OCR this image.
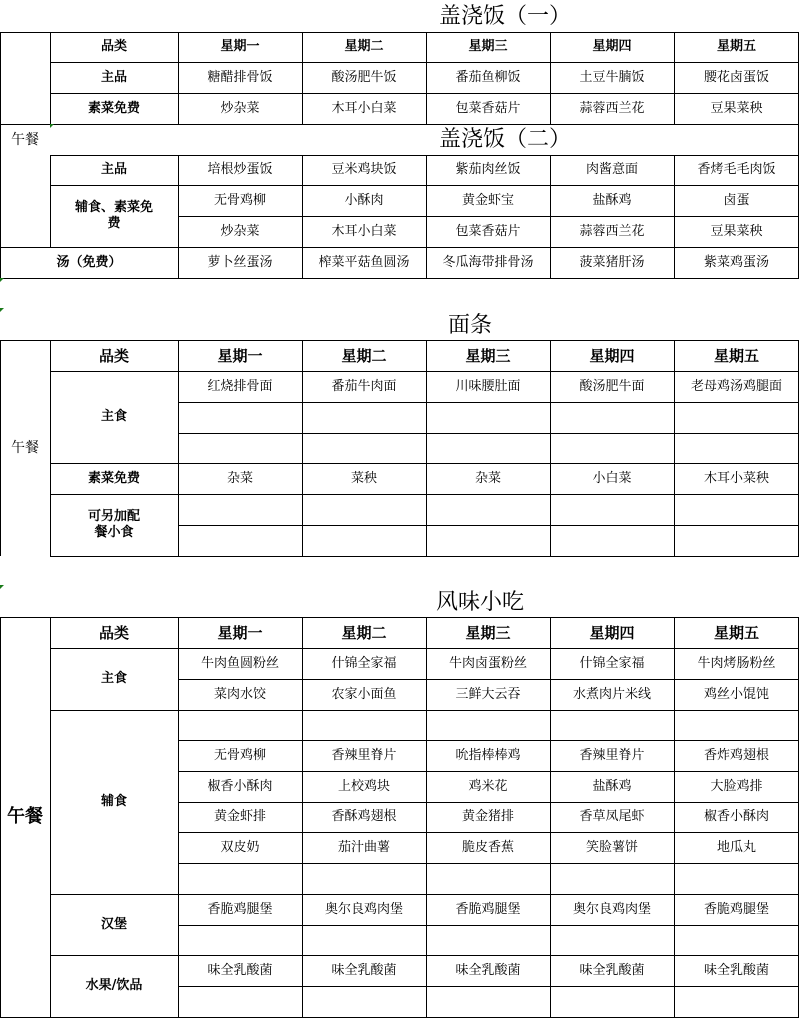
盖浇饭（一）
品类	星期一	星期二	星期三	星期四	星期五
主品	糖醋排骨饭	酸汤肥牛饭	番茄鱼柳饭	土豆牛腩饭	腰花卤蛋饭
素菜免费	炒杂菜	木耳小白菜	包菜香菇片	蒜蓉西兰花	豆果菜秧
盖浇饭（二）
主品	培根炒蛋饭	豆米鸡块饭	紫茄肉丝饭	肉酱意面	香烤毛毛肉饭
辅食、素菜免费
无骨鸡柳	小酥肉	黄金虾宝	盐酥鸡	卤蛋
炒杂菜	木耳小白菜	包菜香菇片	蒜蓉西兰花	豆果菜秧
汤（免费）	萝卜丝蛋汤	榨菜平菇鱼圆汤	冬瓜海带排骨汤	菠菜猪肝汤	紫菜鸡蛋汤
午餐
面条
品类	星期一	星期二	星期三	星期四	星期五
主食
红烧排骨面	番茄牛肉面	川味腰肚面	酸汤肥牛面	老母鸡汤鸡腿面
素菜免费	杂菜	菜秧	杂菜	小白菜	木耳小菜秧
可另加配餐小食
午餐
风味小吃
品类	星期一	星期二	星期三	星期四	星期五
主食
牛肉鱼圆粉丝	什锦全家福	牛肉卤蛋粉丝	什锦全家福	牛肉烤肠粉丝
菜肉水饺	农家小面鱼	三鲜大云吞	水煮肉片米线	鸡丝小馄饨
辅食
无骨鸡柳	香辣里脊片	吮指棒棒鸡	香辣里脊片	香炸鸡翅根
椒香小酥肉	上校鸡块	鸡米花	盐酥鸡	大脸鸡排
黄金虾排	香酥鸡翅根	黄金猪排	香草凤尾虾	椒香小酥肉
双皮奶	茄汁曲薯	脆皮香蕉	笑脸薯饼	地瓜丸
汉堡
香脆鸡腿堡	奥尔良鸡肉堡	香脆鸡腿堡	奥尔良鸡肉堡	香脆鸡腿堡
水果/饮品
味全乳酸菌	味全乳酸菌	味全乳酸菌	味全乳酸菌	味全乳酸菌
午餐
